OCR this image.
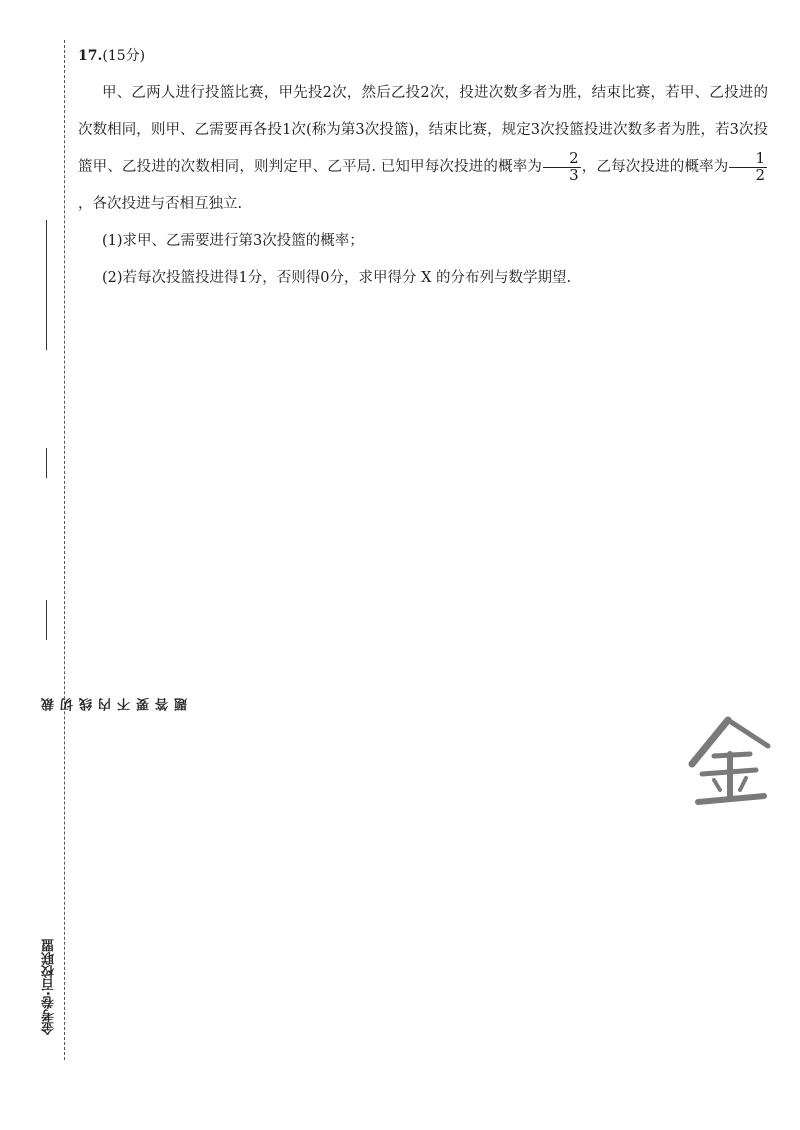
裁 切 线 内 不 要 答 题
金考卷·百校联盟
17.(15分)

甲、乙两人进行投篮比赛，甲先投2次，然后乙投2次，投进次数多者为胜，结束比赛，若甲、乙投进的次数相同，则甲、乙需要再各投1次(称为第3次投篮)，结束比赛，规定3次投篮投进次数多者为胜，若3次投篮甲、乙投进的次数相同，则判定甲、乙平局. 已知甲每次投进的概率为 $\frac{2}{3}$ ，乙每次投进的概率为 $\frac{1}{2}$
，各次投进与否相互独立.

(1)求甲、乙需要进行第3次投篮的概率；

(2)若每次投篮投进得1分，否则得0分，求甲得分 X 的分布列与数学期望.
